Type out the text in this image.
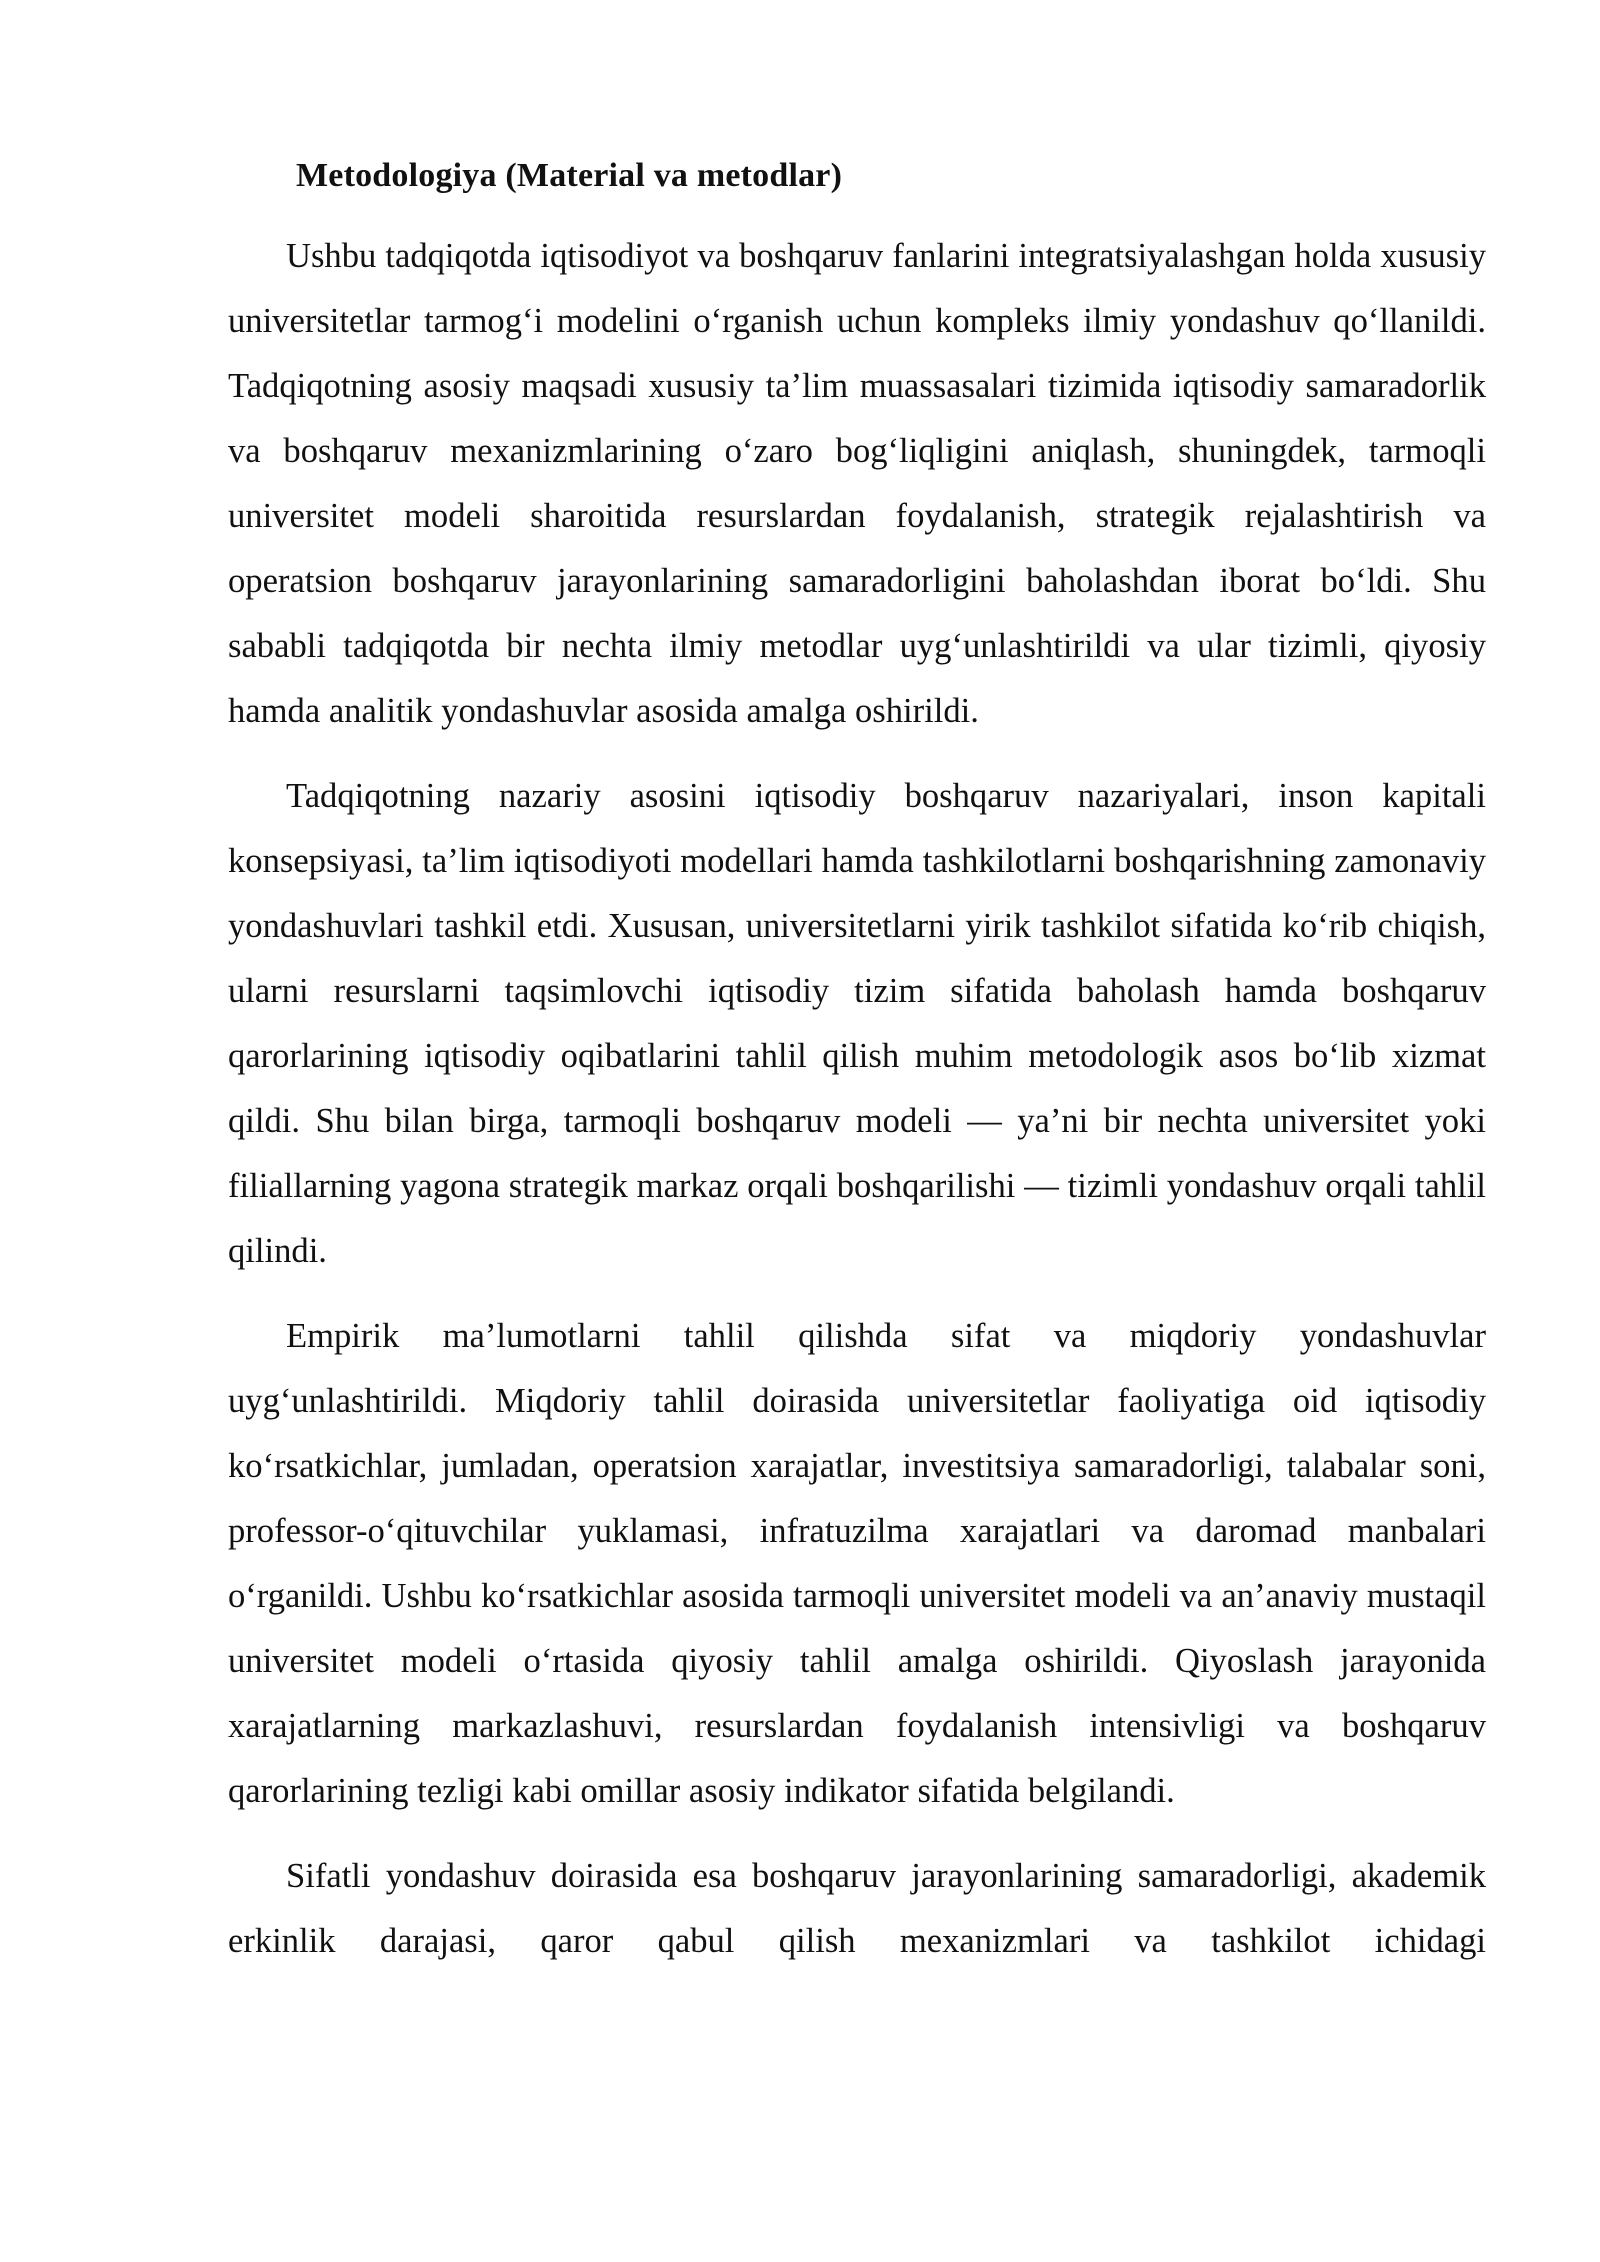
Metodologiya (Material va metodlar)

Ushbu tadqiqotda iqtisodiyot va boshqaruv fanlarini integratsiyalashgan holda xususiy universitetlar tarmog‘i modelini o‘rganish uchun kompleks ilmiy yondashuv qo‘llanildi. Tadqiqotning asosiy maqsadi xususiy ta’lim muassasalari tizimida iqtisodiy samaradorlik va boshqaruv mexanizmlarining o‘zaro bog‘liqligini aniqlash, shuningdek, tarmoqli universitet modeli sharoitida resurslardan foydalanish, strategik rejalashtirish va operatsion boshqaruv jarayonlarining samaradorligini baholashdan iborat bo‘ldi. Shu sababli tadqiqotda bir nechta ilmiy metodlar uyg‘unlashtirildi va ular tizimli, qiyosiy hamda analitik yondashuvlar asosida amalga oshirildi.

Tadqiqotning nazariy asosini iqtisodiy boshqaruv nazariyalari, inson kapitali konsepsiyasi, ta’lim iqtisodiyoti modellari hamda tashkilotlarni boshqarishning zamonaviy yondashuvlari tashkil etdi. Xususan, universitetlarni yirik tashkilot sifatida ko‘rib chiqish, ularni resurslarni taqsimlovchi iqtisodiy tizim sifatida baholash hamda boshqaruv qarorlarining iqtisodiy oqibatlarini tahlil qilish muhim metodologik asos bo‘lib xizmat qildi. Shu bilan birga, tarmoqli boshqaruv modeli — ya’ni bir nechta universitet yoki filiallarning yagona strategik markaz orqali boshqarilishi — tizimli yondashuv orqali tahlil qilindi.

Empirik ma’lumotlarni tahlil qilishda sifat va miqdoriy yondashuvlar uyg‘unlashtirildi. Miqdoriy tahlil doirasida universitetlar faoliyatiga oid iqtisodiy ko‘rsatkichlar, jumladan, operatsion xarajatlar, investitsiya samaradorligi, talabalar soni, professor-o‘qituvchilar yuklamasi, infratuzilma xarajatlari va daromad manbalari o‘rganildi. Ushbu ko‘rsatkichlar asosida tarmoqli universitet modeli va an’anaviy mustaqil universitet modeli o‘rtasida qiyosiy tahlil amalga oshirildi. Qiyoslash jarayonida xarajatlarning markazlashuvi, resurslardan foydalanish intensivligi va boshqaruv qarorlarining tezligi kabi omillar asosiy indikator sifatida belgilandi.

Sifatli yondashuv doirasida esa boshqaruv jarayonlarining samaradorligi, akademik erkinlik darajasi, qaror qabul qilish mexanizmlari va tashkilot ichidagi
